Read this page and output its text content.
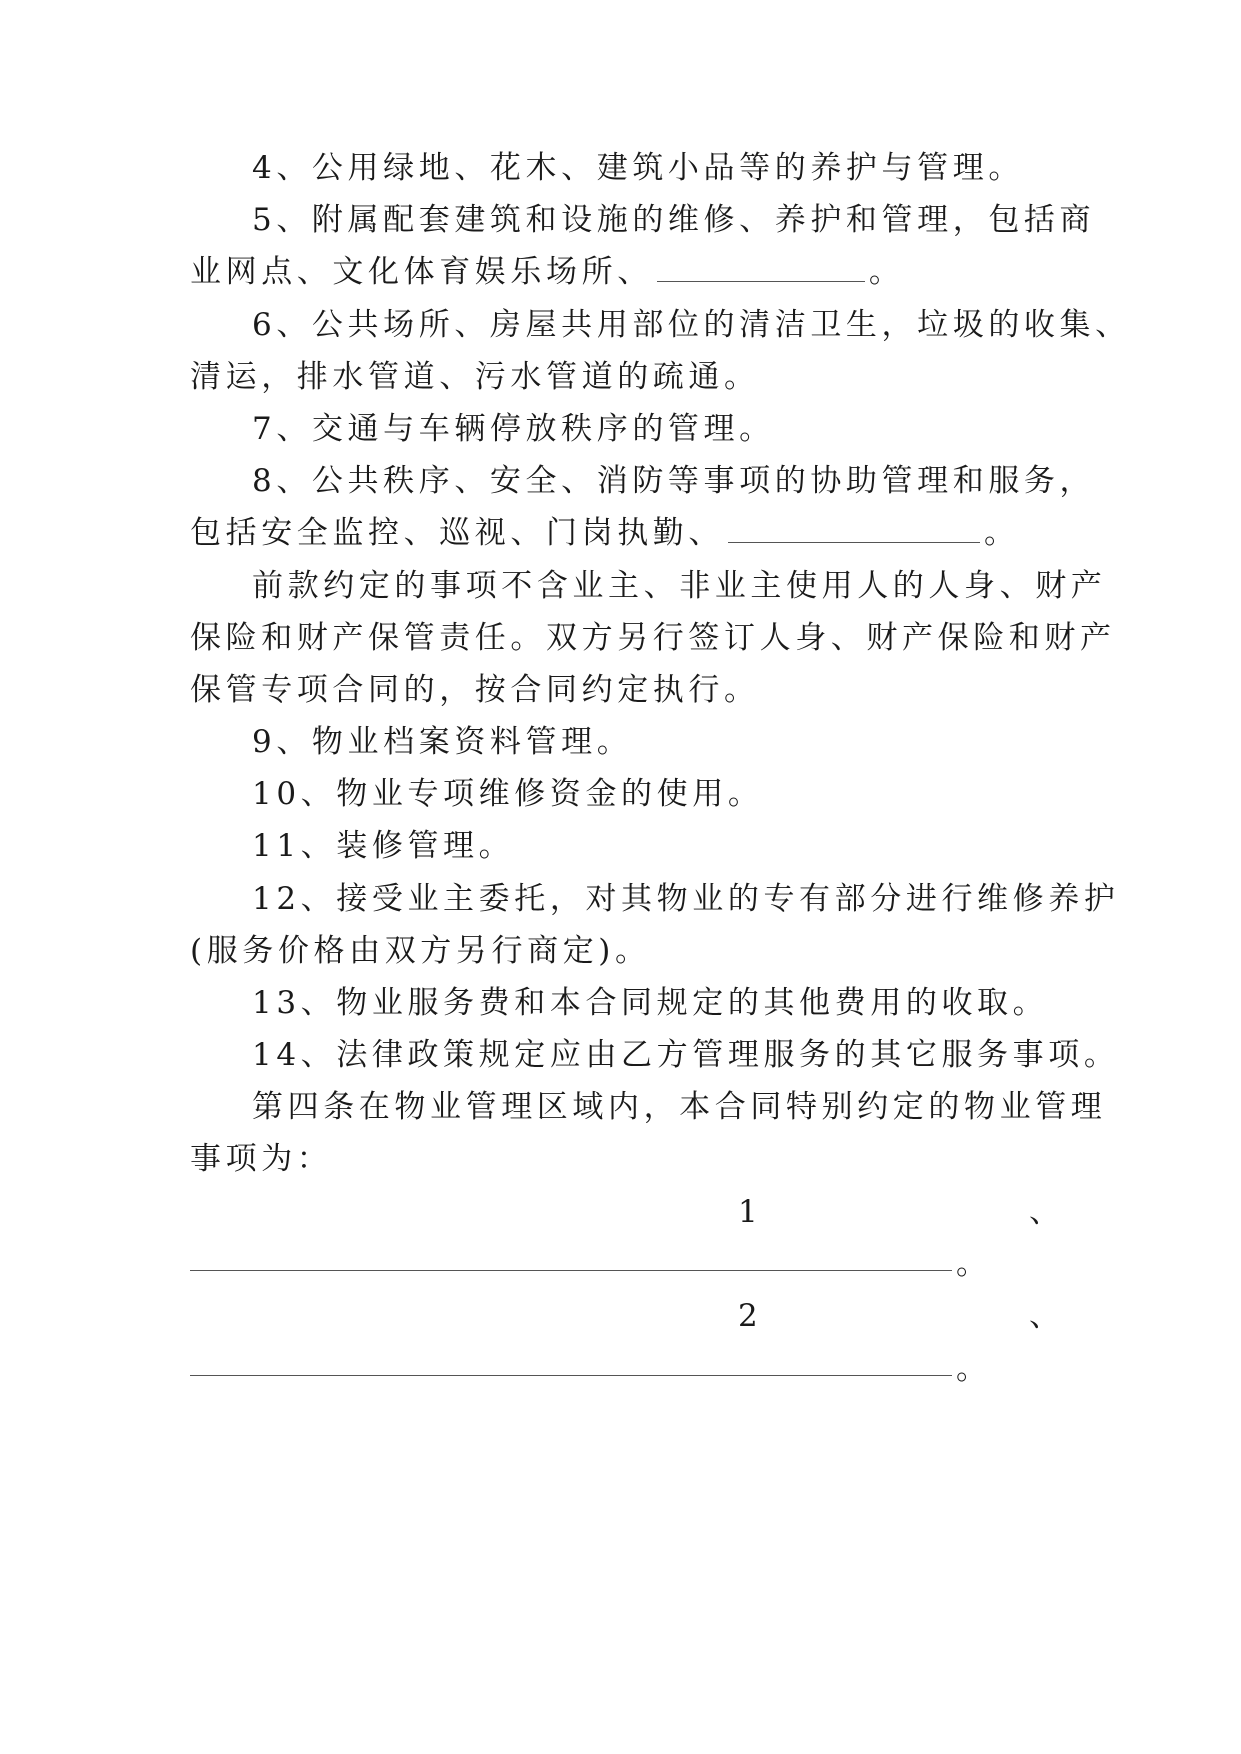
4、公用绿地、花木、建筑小品等的养护与管理。
5、附属配套建筑和设施的维修、养护和管理，包括商
业网点、文化体育娱乐场所、	。
6、公共场所、房屋共用部位的清洁卫生，垃圾的收集、
清运，排水管道、污水管道的疏通。
7、交通与车辆停放秩序的管理。
8、公共秩序、安全、消防等事项的协助管理和服务，
包括安全监控、巡视、门岗执勤、	。
前款约定的事项不含业主、非业主使用人的人身、财产
保险和财产保管责任。双方另行签订人身、财产保险和财产
保管专项合同的，按合同约定执行。
9、物业档案资料管理。
10、物业专项维修资金的使用。
11、装修管理。
12、接受业主委托，对其物业的专有部分进行维修养护
(服务价格由双方另行商定)。
13、物业服务费和本合同规定的其他费用的收取。
14、法律政策规定应由乙方管理服务的其它服务事项。
第四条在物业管理区域内，本合同特别约定的物业管理
事项为：
1	、
。
2	、
。
